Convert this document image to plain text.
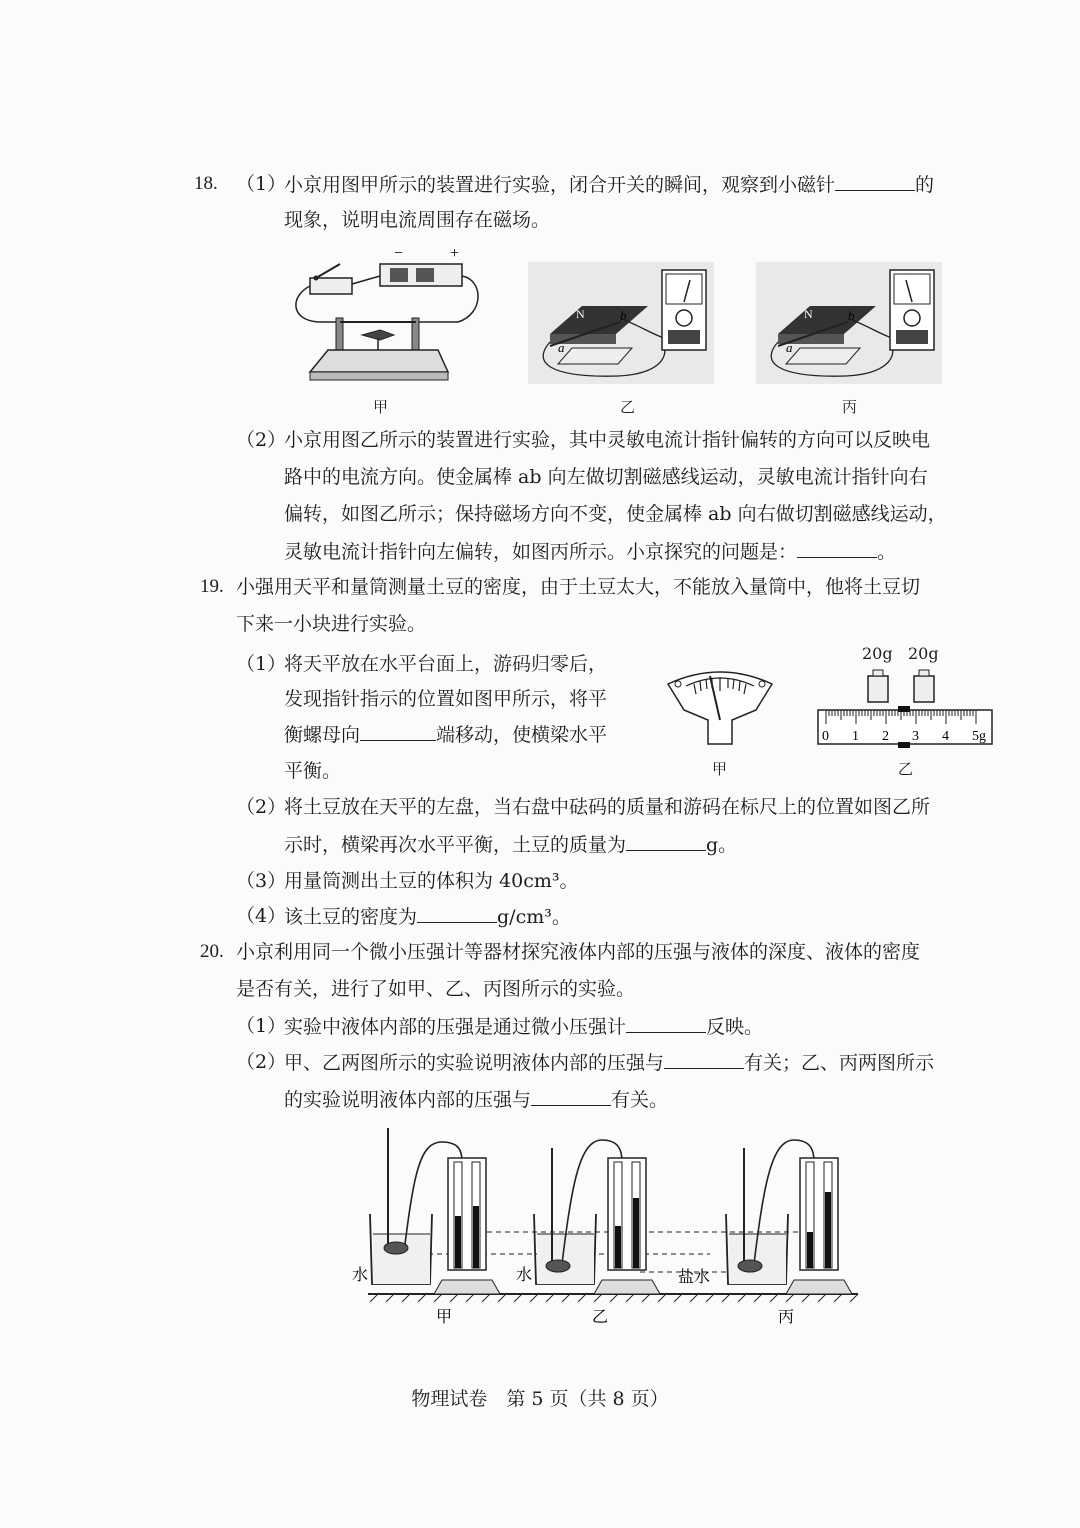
18. （1）
小京用图甲所示的装置进行实验，闭合开关的瞬间，观察到小磁针	的
现象，说明电流周围存在磁场。
−	+
甲
N
a
b
乙
N
a
b
丙
（2）
小京用图乙所示的装置进行实验，其中灵敏电流计指针偏转的方向可以反映电
路中的电流方向。使金属棒 ab 向左做切割磁感线运动，灵敏电流计指针向右
偏转，如图乙所示；保持磁场方向不变，使金属棒 ab 向右做切割磁感线运动，
灵敏电流计指针向左偏转，如图丙所示。小京探究的问题是：	。
19. 小强用天平和量筒测量土豆的密度，由于土豆太大，不能放入量筒中，他将土豆切
下来一小块进行实验。
（1）
将天平放在水平台面上，游码归零后，
发现指针指示的位置如图甲所示，将平
衡螺母向	端移动，使横梁水平
平衡。	甲
20g 20g
0 1 2 3 4 5g
乙
（2）
将土豆放在天平的左盘，当右盘中砝码的质量和游码在标尺上的位置如图乙所
示时，横梁再次水平平衡，土豆的质量为	g。
（3）
用量筒测出土豆的体积为 40cm³。
（4）
该土豆的密度为	g/cm³。
20. 小京利用同一个微小压强计等器材探究液体内部的压强与液体的深度、液体的密度
是否有关，进行了如甲、乙、丙图所示的实验。
（1）
实验中液体内部的压强是通过微小压强计	反映。
（2）
甲、乙两图所示的实验说明液体内部的压强与	有关；乙、丙两图所示
的实验说明液体内部的压强与	有关。
水	水	盐水
甲	乙	丙
物理试卷　第 5 页（共 8 页）
